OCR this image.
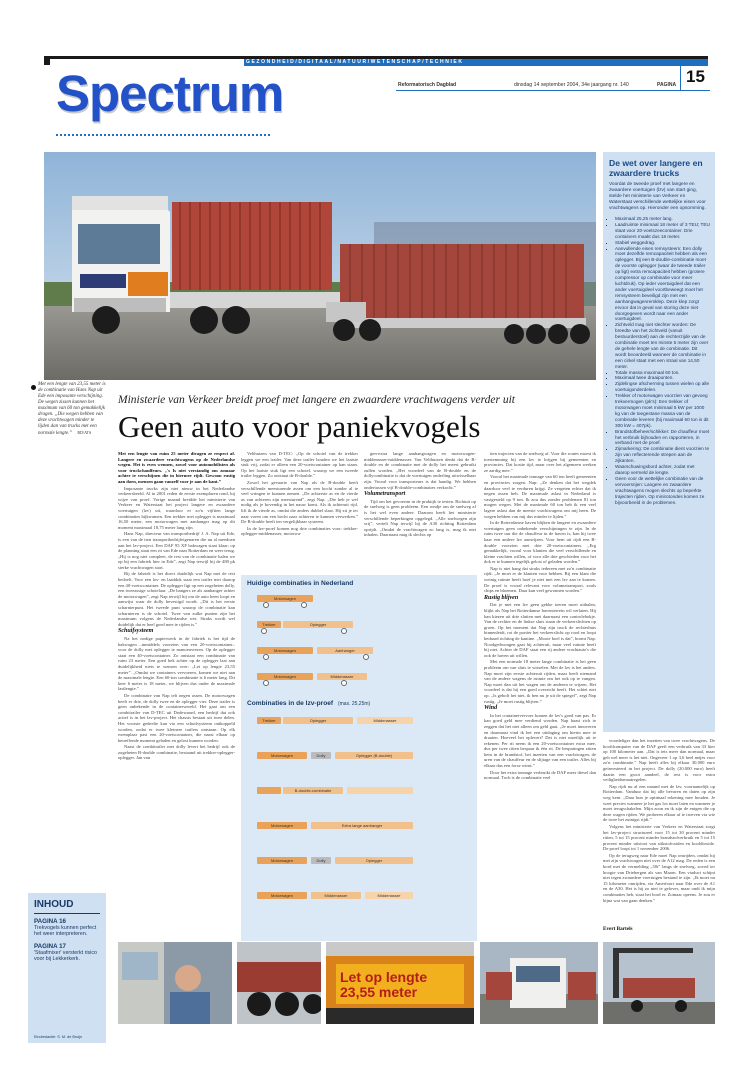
GEZONDHEID/DIGITAAL/NATUUR/WETENSCHAP/TECHNIEK
Spectrum	Reformatorisch Dagblad	dinsdag 14 september 2004, 34e jaargang nr. 140	PAGINA 15
Met een lengte van 23,55 meter is de combinatie van Hans Nap uit Ede een imposante verschijning. De wegen zissen kunnen het maximum van 60 ton gemakkelijk dragen. „Die wegen hebben van deze vrachtwagen minder te lijden dan van trucks met een normale lengte.” RD/ATS
Ministerie van Verkeer breidt proef met langere en zwaardere vrachtwagens verder uit
Geen auto voor paniekvogels

Met een lengte van ruim 25 meter divagen ze respect af. Langere en zwaardere vrachtwagens op de Nederlandse wegen. Het is even wennen, zowel voor automobilisten als voor truckchauffeurs. „'s Is niet verstandig om zomaar achter te verschijnen die in hiermee rijdt. Gewoon rustig aan doen, mensen gaan vanzelf voor je aan de kant.”

Imposante trucks zijn niet nieuw in het Nederlandse verkeersbeeld. Al in 2001 reden de eerste exemplaren rond, bij wijze van proef. Vorige maand breidde het ministerie van Verkeer en Waterstaat het project langere en zwaardere voertuigen (lzv) uit, waardoor er zo'n vijftien lange combinaties bijkwamen. Een trekker met oplegger is maximaal 16,50 meter, een motorwagen met aanhanger mag op dit moment maximaal 18,75 meter lang zijn.

Hans Nap, directeur van transportbedrijf J. A. Nap uit Ede, is een van de tien transportbedrijfeigenaren die nu al meedoen aan het lzv-project. Een DAF 95 XF bakwagen staat klaar; op de planning staat een rit van Ede naar Rotterdam en weer terug. „Hij is nog niet compleet, de rest van de combinatie halen we op bij een fabriek hier in Ede”, zegt Nap terwijl hij de 480 pk sterke vrachtwagen start.

Bij de fabriek is het direct duidelijk wat Nap met de rest bedoelt. Voor een los- en laaddok staat een trailer met daarop een 40-voetscontainer. De oplegger ligt op een zogeheten dolly, een tweeassige schotelaar. „De hangers ze als aanhanger achter de motorwagen”, zegt Nap terwijl hij om de auto heen loopt en aanwijst waar de dolly bevestigd wordt. „Dit is het eerste scharnierpunt. Het tweede punt waarop de combinatie kan scharnieren is de schotel. Twee van zulke punten zijn het maximum volgens de Nederlandse wet. Straks wordt wel duidelijk dat er heel goed mee te rijden is.”

Schuifsysteem

Na het nodige papierwerk in de fabriek is het tijd de bakwagen –inmiddels voorzien van een 20-voetscontainer– voor de dolly met oplegger te manoeuvreren. Op de oplegger staat een 40-voetscontainer. Zo ontstaat een combinatie van ruim 23 meter. Een goed hek achter op de oplegger laat aan duidelijkheid niets te wensen over: „Let op lengte 23,55 meter”. „Omdat we containers vervoeren, komen we niet aan de maximale lengte. Een 60-ton combinatie is 6 meter lang. Dit keer 6 meter is 18 meter, we blijven dus onder de maximale lastlengte.”

De combinatie van Nap telt negen assen. De motorwagen heeft er drie, de dolly twee en de oplegger vier. Deze trailer is geen onbekende in de containerwereld. Het gaat om een combitrailer van D-TEC uit Dodewaard, een bedrijf dat ook actief is in het lzv-project. Het chassis bestaat uit twee delen. Het voorste gedeelte kan via een schuifsysteem ontkoppeld worden, zodat er twee kleinere trailers ontstaan. Op elk exemplaar past een 20-voetscontainer, die naast elkaar op betreffende moment geladen en gelost kunnen worden.

Naast de combitrailer met dolly levert het bedrijf ook de zogeheten B-double combinatie, bestaand uit trekker-oplegger-oplegger. Jan van

Velthuizen van D-TEC: „Op de schotel van de trekker leggen we een trailer. Van deze trailer houden we het laatste stuk vrij, zodat er alleen een 20-voetscontainer op kan staan. Op het laatste stuk ligt een schotel, waarop we een tweede trailer leggen. Zo ontstaat de B-double.”

Zowel het gevaarte van Nap als de B-double heeft verschillende meesturende assen om een bocht zonder al te veel wringen te kunnen nemen. „De achterste as en de vierde as van achteren zijn meesturend”, zegt Nap. „Die heb je wel nodig als je bovendig in het nauw komt. Als ik achteruit rijd, lift ik de vierde as, omdat die anders dubbel slaat. Hij zit je ter naar voren om een bocht naar achteren te kunnen verwerken.” De B-double heeft ten vergelijkbaar systeem.

In de lzv-proef komen nog drie combinaties voor: trekker-oplegger-middenasser, motorwa-

gen-extra lange aanhangwagen en motorwagen-middenasser-middenasser. Van Velthuizen denkt dat de B-double en de combinatie met de dolly het meest gebruikt zullen worden. „Het voordeel van de B-double en de dollycombinatie is dat de voertuigen onderling uitwisselbaar zijn. Vooral voor transporteurs is dat handig. We hebben ondertussen vijf B-double-combinaties verkocht.”

Volumetransport

Tijd om het gevoerim in de praktijk te testen. Richtuit op de snelweg is geen probleem. Een rondje om de snelweg af is het wel even andere. Daarom heeft het ministerie verschillende beperkingen opgelegd. „Alle snelwegen zijn vrij”, vertelt Nap terwijl hij de A30 richting Rotterdam oprijdt. „Omdat de vrachtwagen zo lang is, mag ik niet inhalen. Daarnaast mag ik slechts op

tien trajecten van de snelweg af. Voor die routes moest ik toestemming bij een lzv te krijgen bij gemeenten en provincies. Dat kostte tijd, maar over het algemeen werken ze aardig mee.”

Vooral het maximale tonnage van 60 ton heeft gemeenten en provincies zorgen. Nap: „Ze denken dat het wegdek daardoor veel te verduren krijgt. Ze vergeten echter dat ik negen assen heb. De maximale aslast in Nederland is vastgesteld op 9 ton. Ik zou dus zonder problemen 81 ton mogen wegen. Met de maximale 60 ton heb ik een veel lagere aslast dan de meeste vrachtwagens om mij heen. De wegen hebben van mij dus minder te lijden.”

In de Rotterdamse haven blijken de langere en zwaardere voertuigen geen onbekende verschijningen te zijn. In de ruim twee uur die de chauffeur in de haven is, kan hij twee kaar een andere lzv aanwijzen. Voor hem uit rijdt een B-double voorzien met drie 20-voetscontainers. „Erg gemakkelijk, vooral voor klanten die veel verschillende en kleine vrachten willen, of voor alle drie geschieden voor het dok er te kunnen tegelijk gelost of geladen worden.”

Nap is niet bang dat straks iedereen met zo'n combinatie rijdt. „Je moet er de klanten voor hebben. Bij een klant die weinig ruimte heeft hoef je niet met een lzv aan te komen. De proef is vooral relevant voor volumetransport, zoals chips en bloemen. Daar kan veel gewonnen worden.”

Rustig blijven

Dat je met een lzv geen gekke toeren moet uithalen, blijkt als Nap het Rotterdamse haventerrein wil verlaten. Hij kan kiezen uit drie sluiten met daarnaast een controlehokje. Van de rechter en de linkse sluis staan de verkeerslichten op groen. Op het moment dat Nap zijn truck de rechterhuis binnenleidt, rot de portier het verkeerslicht op rood en loopt bedaard richting de kantine. „Mooie boel is dat”, bromt Nap. Noodgedwongen gaat hij achteruit, maar veel ruimte heeft hij niet. Achter de DAF staat een rij andere vrachtauto's die ook de haven uit willen.

Met een normale 18 meter lange combinatie is het geen probleem om van sluis te wisselen. Met de lzv is het anders. Nap moet zijn eerste achteruit rijden, maar heeft niemand van de andere wagens de ruimte om het ook op te vangen. Nap moet dan uit het wagen om de anderen te wijzen. Het voordeel is dat hij een goed overzicht heeft. Het schiet niet op. „Is geboft het niet, ik ben nu je uit de spiegel”, zegt Nap rustig. „Je moet rustig blijven.”

Wind

In het containervervoer komen de lzv's goed van pas. Er kan goed geld mee verdiend worden. Nap haast zich te zeggen dat het niet alleen om geld gaat. „Je moet innoveren en daarnaast vind ik het een uitdaging om hierin mee te draaien. Hoeveel het oplevert? Dat is niet moeilijk uit te rekenen. Per rit neem ik een 20-voetscontainer extra mee, dus per twee ritten bespaar ik één rit. De besparingen zitten hem in de brandstof, het inzetten van een vrachtwagen, de uren van de chauffeur en de slijtage van een trailer. Alles bij elkaar dus een forse winst.”

Door het extra tonnage verbruikt de DAF meer diesel dan normaal. Toch is de combinatie veel

voordeliger dan het inzetten van twee vrachtwagens. De hoofdcomputer van de DAF geeft een verbruik van 33 liter op 100 kilometer aan. „Dat is iets meer dan normaal, maar geh wel meer is het niet. Ongeveer 1 op 3,6 heel netjes voor zo'n combinatie.” Nap heeft alles bij elkaar 30.000 euro geïnvesteerd in het project. De dolly (20.000 euro) heeft daarin een groot aandeel, de rest is voor extra veiligheidsmaatregelen.

Nap rijdt nu al een maand met de lzv, voornamelijk op Rotterdam. Vanduur dat hij alle bevaren en daten op zijn weg kent. „Daar kun je optimaal rekening mee houden. Je weet precies wanneer je het gas los moet laten en wanneer je moet terugschakelen. Mijn zoon en ik zijn de enigen die op deze wagen rijden. We proberen elkaar af te troeven via wie de twee het zuinigst rijdt.”

Volgens het ministerie van Verkeer en Waterstaat zorgt het lzv-project structureel voor 15 tot 30 procent minder ritten, 5 tot 15 procent minder brandstofverbruik en 5 tot 15 procent minder uitstoot van stikstofoxiden en kooldioxide. De proef loopt tot 1 november 2006.

Op de terugweg naar Ede moet Nap omrijden, omdat hij met zijn vrachtwagen niet over de A12 mag. De reden is een bord met de vermelding „50t” langs de snelweg, zoved ter hoogte van Driebergen als van Maarn. Een viaduct schijnt niet tegen zwaardere voertuigen bestand te zijn. „Ik moet nu 15 kilometer omrijden, via Amerfoort naar Ede over de A1 en de A30. Het is hij zo niet te gelover, maar ondt ik mijn combinaties heb, staat het bord er. Zomaar opeens. Je zou er bijna wat van gaan denken.”

Evert Bartels
De wet over langere en zwaardere trucks
Voordat de tweede proef met langere en zwaardere voertuigen (lzv) van start ging, stelde het ministerie van Verkeer en Waterstaat verschillende wettelijke eisen voor vrachtwagens op. Hieronder een opsomming.
▪ Maximaal 25,25 meter lang.
▪ Laadruimte minimaal 18 meter of 3 TEU; TEU staat voor 20-voetszeecontainer. Drie containers maakt dus 18 meter.
▪ Stabiel weggedrag.
▪ Aanvullende eisen remsysteem: Een dolly moet dezelfde remcapaciteit hebben als een oplegger. Bij een B-double-combinatie moet de voorste oplegger (waar de tweede trailer op ligt) extra remcapaciteit hebben (grotere compressor op combinatie voor meer luchtdruk). Op ieder voertuigdeel dat een ander voertuigdeel voortbeweegt moet het remsysteem beveiligd zijn met een aanhangwagenremklep. Deze klep zorgt ervoor dat in geval van storing deze niet doorgegeven wordt naar een ander voertuigdeel.
▪ Zichtveld mag niet slechter worden: De breedte van het zichtveld (vanuit bestuurderstoel) aan de rechterzijde van de combinatie moet ten minste 5 meter zijn over de gehele lengte van de combinatie. Dit wordt beoordeeld wanneer de combinatie in een cirkel staat met een straal van 14,50 meter.
▪ Totale massa maximaal 60 ton.
▪ Maximaal twee draaipunten.
▪ Zijdelingse afscherming tussen wielen op alle voertuigonderdelen.
▪ Trekker of motorwagen voorzien van gevoeg trekvermogen (pk's): Een trekker of motorwagen moet minimaal 5 kW per 1000 kg van de toegestane massa van de combinatie leveren (bij maximaal 60 ton is dit 300 kW = 407pk).
▪ Brandstofbeheer/schikker: De chauffeur moet het verbruik bijhouden en rapporteren, in verband met de proef.
▪ Zijmarkering: De combinatie dient voorzien te zijn van reflecterende strepen aan de zijkanten.
▪ Waarschuwingsbord achter, zodat met daarop vermeld de lengte.
▪ Geen voor de wettelijke combinatie van de vervoersrijen: Langere en zwaardere vrachtwagens mogen slechts op beperkte trajecten rijden. Op minirotondes komen ze bijvoorbeeld in de problemen.
Huidige combinaties in Nederland
Motorwagen
Trekker	Oplegger
Motorwagen	Aanhanger
Motorwagen	Middenasser
Combinaties in de lzv-proef (max. 25,25m)
Trekker	Oplegger	Middenasser
Motorwagen	Dolly	Oplegger (B-double)
B-double-combinatie
Motorwagen	Extra lange aanhanger
Motorwagen	Dolly	Oplegger
Motorwagen	Middenasser	Middenasser
INHOUD
PAGINA 16
Trekvogels kunnen perfect het weer interpreteren.
PAGINA 17
'Staafmixer' versterkt risico voor bij Lekkerkerk.
Eindredactie: S. M. de Bruijn
Let op lengte 23,55 meter
